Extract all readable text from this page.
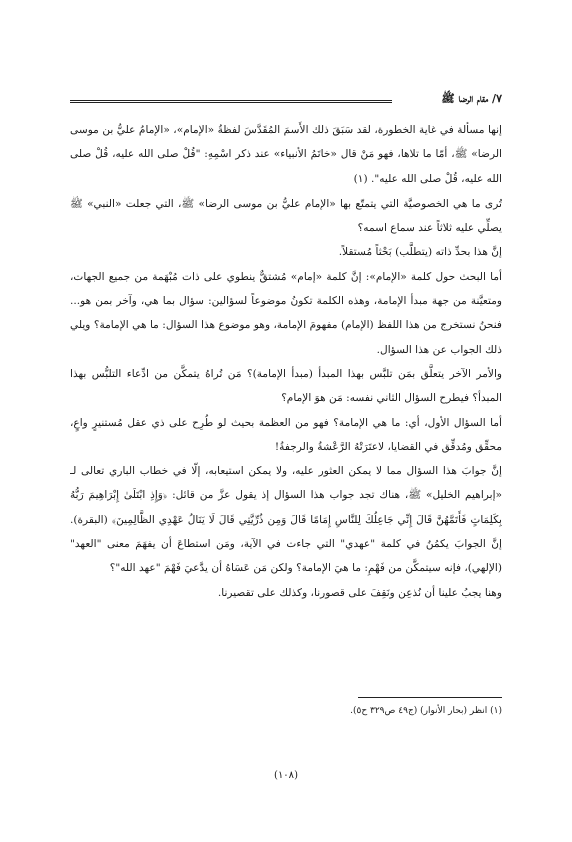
٧/ مقام الرضا ﷺ

إنها مسألة في غاية الخطورة، لقد سَبَقَ ذلك الأَسمَ المُقَدَّسَ لفظةُ «الإمام»، «الإمامُ عليُّ بن موسى الرضا» ﷺ، أمّا ما تلاها، فهو مَنْ قال «خاتَمُ الأنبياء» عند ذكر اسْمِهِ: "قُلْ صلى الله عليه، قُلْ صلى الله عليه، قُلْ صلى الله عليه". (١)

تُرى ما هي الخصوصيَّة التي يتمتّع بها «الإمام عليُّ بن موسى الرضا» ﷺ، التي جعلت «النبي» ﷺ يصلِّي عليه ثلاثاً عند سماع اسمه؟

إنَّ هذا بحدِّ ذاته (يتطلَّب) بَحْثاً مُستقلاً.

أما البحث حول كلمة «الإمام»: إنَّ كلمة «إمام» مُشتقٌّ ينطوي على ذات مُبْهَمة من جميع الجهات، ومتعيَّنة من جهة مبدأ الإمامة، وهذه الكلمة تكونُ موضوعاً لسؤالين: سؤال بما هي، وآخر بمن هو... فنحنُ نستخرج من هذا اللفظ (الإمام) مفهومَ الإمامة، وهو موضوع هذا السؤال: ما هي الإمامة؟ ويلي ذلك الجواب عن هذا السؤال.

والأمر الآخر يتعلَّق بمَن تلبَّس بهذا المبدأ (مبدأ الإمامة)؟ مَن تُراهُ يتمكَّن من ادِّعاء التلبُّس بهذا المبدأ؟ فيطرح السؤال الثاني نفسه: مَن هوَ الإمام؟

أما السؤال الأول، أي: ما هي الإمامة؟ فهو من العظمة بحيث لو طُرِح على ذي عقل مُستنيرٍ واعٍ، محقِّق ومُدقِّق في القضايا، لاعتَرَتْهُ الرَّعْشةُ والرجفةُ!

إنَّ جوابَ هذا السؤال مما لا يمكن العثور عليه، ولا يمكن استيعابه، إلّا في خطاب الباري تعالى لـ «إبراهيم الخليل» ﷺ، هناك تجد جواب هذا السؤال إذ يقول عزَّ من قائل: ﴿وَإِذِ ابْتَلَىٰ إِبْرَاهِيمَ رَبُّهُ بِكَلِمَاتٍ فَأَتَمَّهُنَّ قَالَ إِنِّي جَاعِلُكَ لِلنَّاسِ إِمَامًا قَالَ وَمِن ذُرِّيَّتِي قَالَ لَا يَنَالُ عَهْدِي الظَّالِمِينَ﴾ (البقرة). إنَّ الجوابَ يكمُنُ في كلمة "عهدي" التي جاءت في الآية، ومَن استطاعَ أن يفهَمَ معنى "العهد" (الإلهي)، فإنه سيتمكَّن من فَهْمِ: ما هيَ الإمامة؟ ولكن مَن عَسَاهُ أن يدَّعيَ فَهْمَ "عهد الله"؟

وهنا يجبُ علينا أن نُذعِن ونَقِفَ على قصورنا، وكذلك على تقصيرنا.

(١) انظر (بحار الأنوار) (ج٤٩ ص٣٢٩ ح٥).
(١٠٨)
